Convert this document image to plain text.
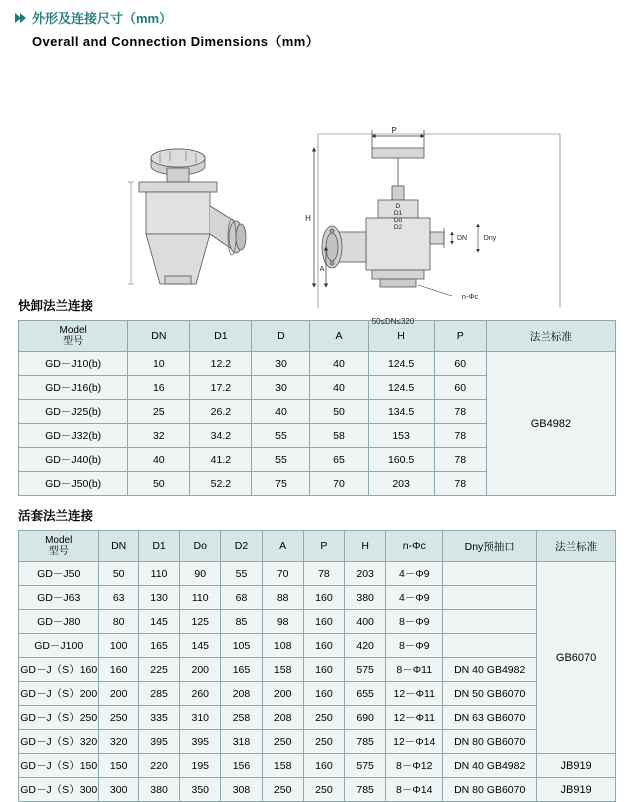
外形及连接尺寸（mm）
Overall and Connection Dimensions（mm）
P
D
D1
Do
D2
H
A
DN Dny
n-Φc
50≤DN≤320
快卸法兰连接
Model
型号	DN	D1	D	A	H	P	法兰标准
GD－J10(b)	10	12.2	30	40	124.5	60	GB4982
GD－J16(b)	16	17.2	30	40	124.5	60	
GD－J25(b)	25	26.2	40	50	134.5	78	
GD－J32(b)	32	34.2	55	58	153	78	
GD－J40(b)	40	41.2	55	65	160.5	78	
GD－J50(b)	50	52.2	75	70	203	78	
活套法兰连接
Model
型号	DN	D1	Do	D2	A	P	H	n-Φc	Dny预抽口	法兰标准
GD－J50	50	110	90	55	70	78	203	4－Φ9		GB6070
GD－J63	63	130	110	68	88	160	380	4－Φ9		
GD－J80	80	145	125	85	98	160	400	8－Φ9		
GD－J100	100	165	145	105	108	160	420	8－Φ9		
GD－J（S）160	160	225	200	165	158	160	575	8－Φ11	DN 40 GB4982	
GD－J（S）200	200	285	260	208	200	160	655	12－Φ11	DN 50 GB6070	
GD－J（S）250	250	335	310	258	208	250	690	12－Φ11	DN 63 GB6070	
GD－J（S）320	320	395	395	318	250	250	785	12－Φ14	DN 80 GB6070	
GD－J（S）150	150	220	195	156	158	160	575	8－Φ12	DN 40 GB4982	JB919
GD－J（S）300	300	380	350	308	250	250	785	8－Φ14	DN 80 GB6070	JB919
